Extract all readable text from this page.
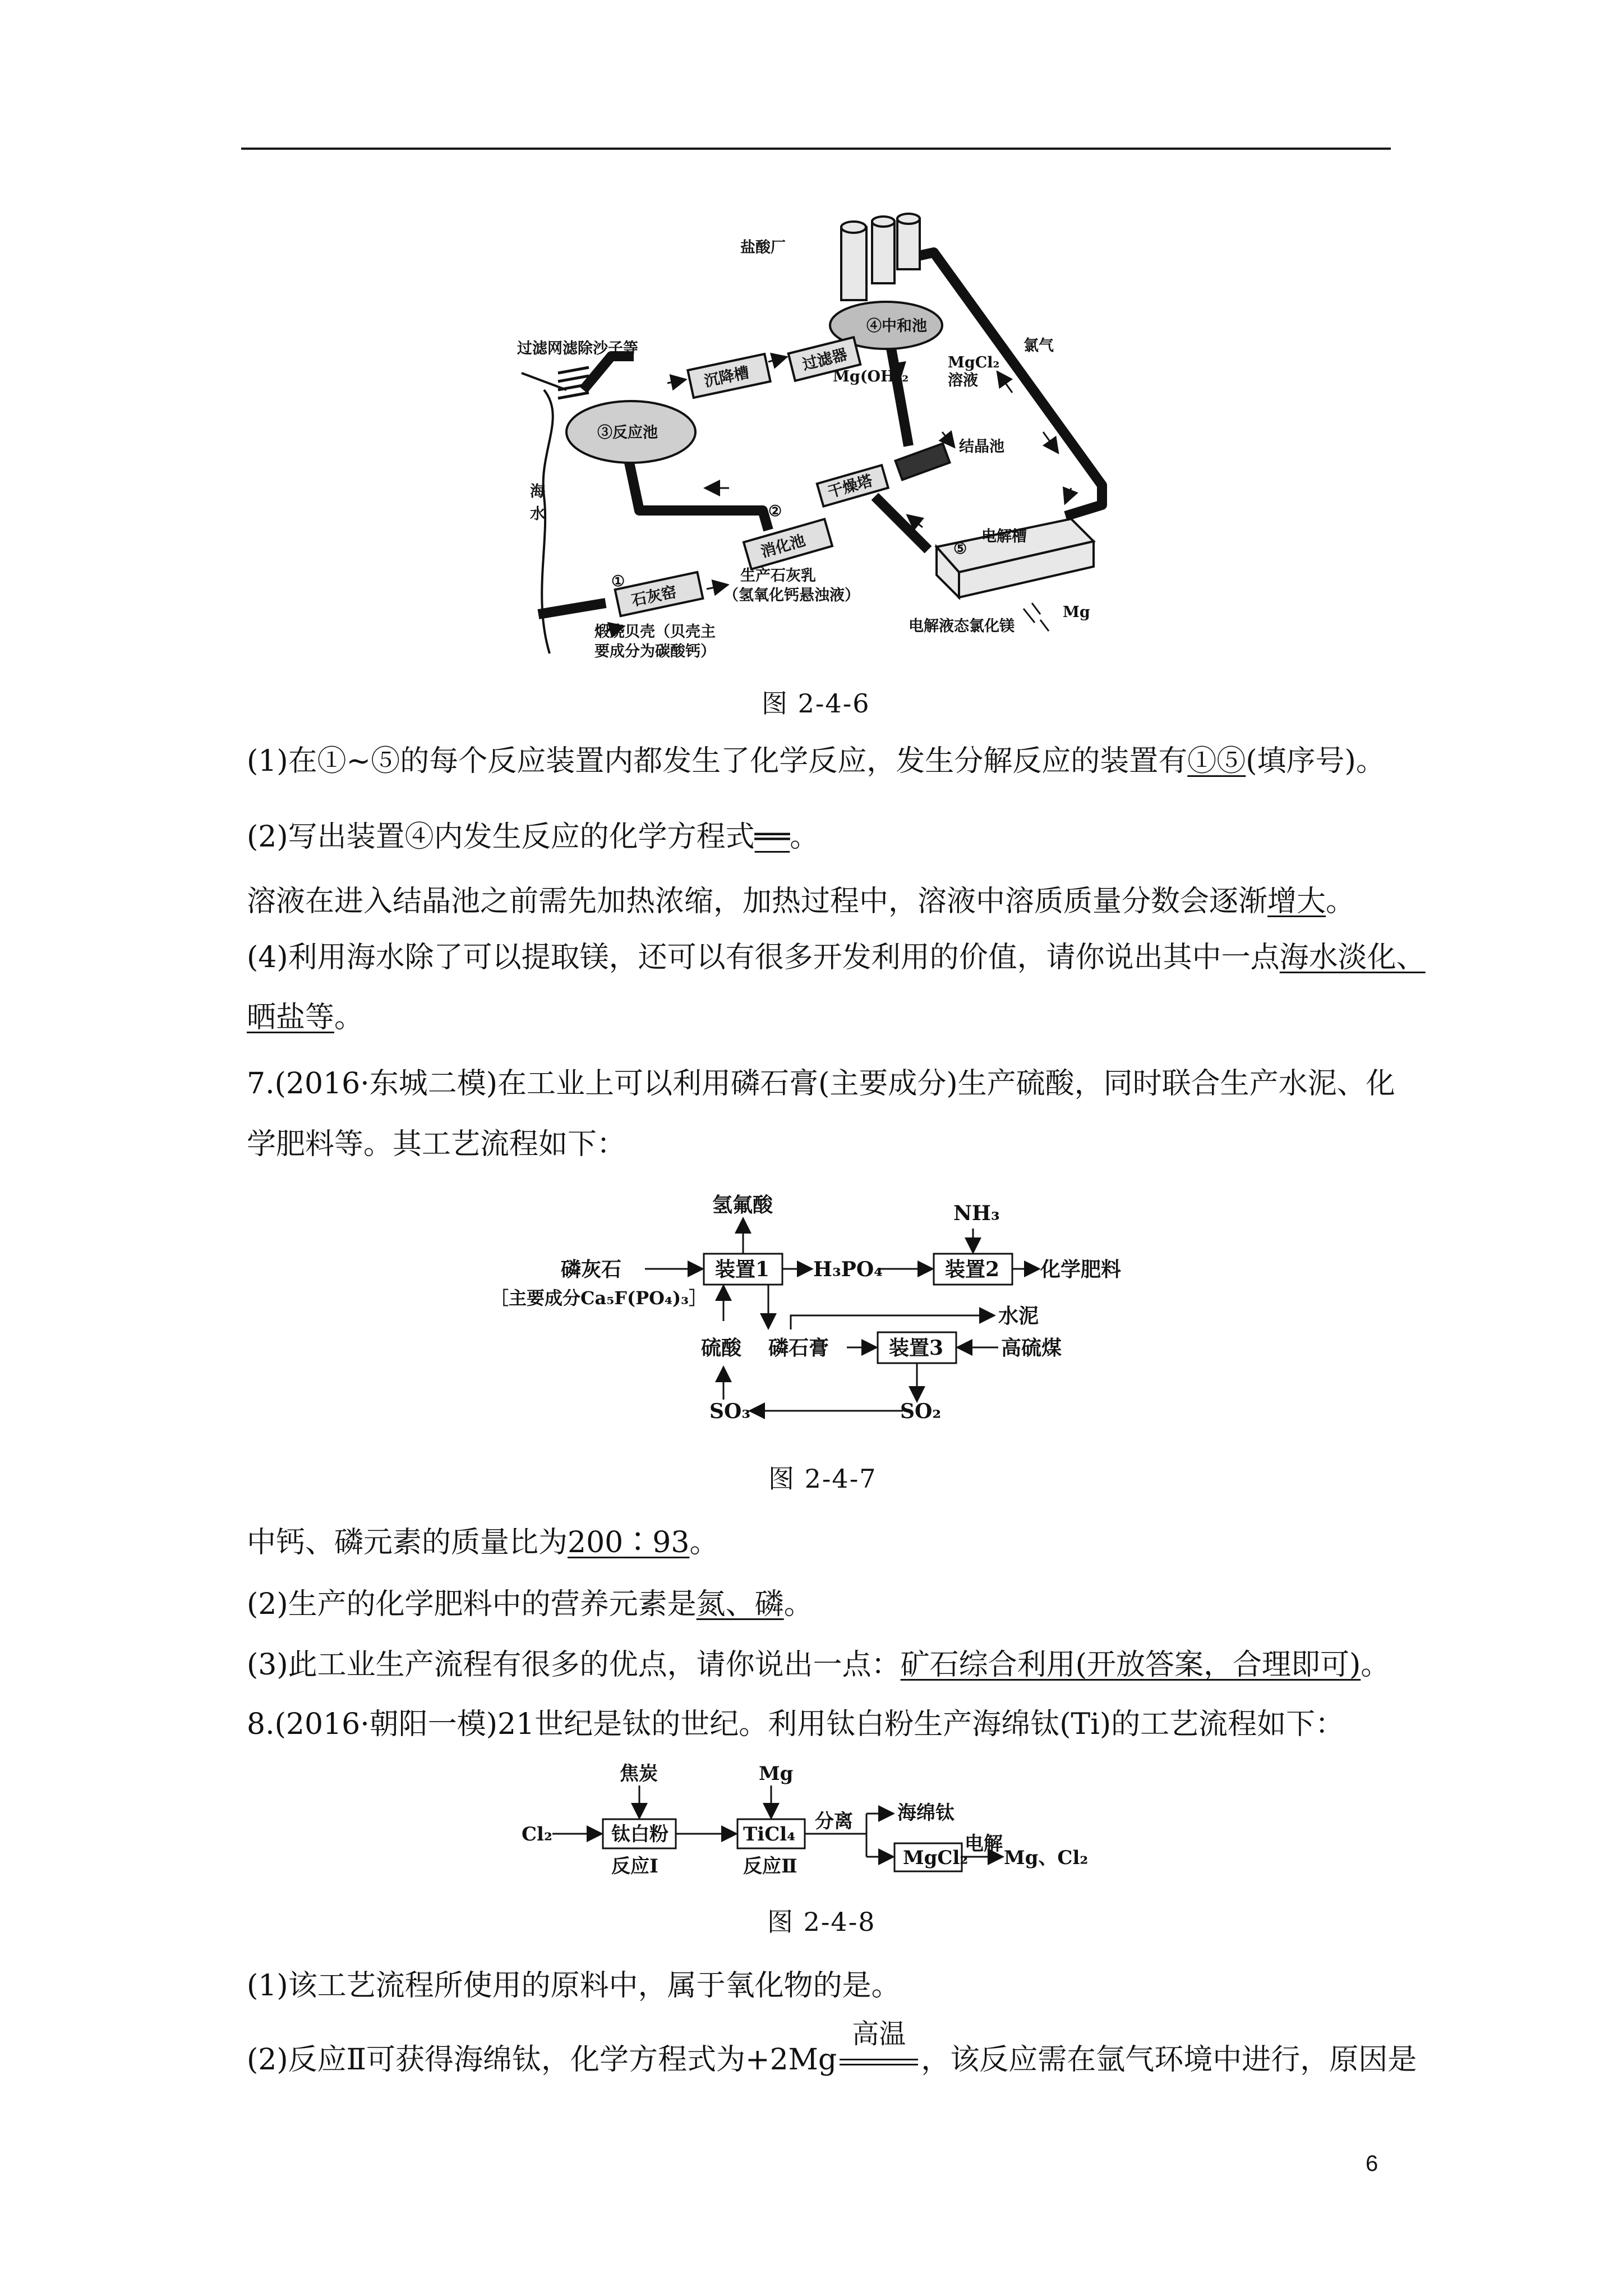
盐酸厂
过滤网滤除沙子等
④中和池
氯气
沉降槽
过滤器
Mg(OH)₂
MgCl₂
溶液
③反应池
结晶池
干燥塔
海
水	②
消化池
①
石灰窑
生产石灰乳
（氢氧化钙悬浊液）
⑤
电解槽
Mg
煅烧贝壳（贝壳主
要成分为碳酸钙）
电解液态氯化镁
图 2-4-6
(1)在①~⑤的每个反应装置内都发生了化学反应，发生分解反应的装置有①⑤(填序号)。
(2)写出装置④内发生反应的化学方程式══。
溶液在进入结晶池之前需先加热浓缩，加热过程中，溶液中溶质质量分数会逐渐增大。
(4)利用海水除了可以提取镁，还可以有很多开发利用的价值，请你说出其中一点海水淡化、
晒盐等。
7.(2016·东城二模)在工业上可以利用磷石膏(主要成分)生产硫酸，同时联合生产水泥、化
学肥料等。其工艺流程如下：
氢氟酸	NH₃
磷灰石
［主要成分Ca₅F(PO₄)₃］
装置1 H₃PO₄	装置2 化学肥料
水泥
硫酸 磷石膏	装置3	高硫煤
SO₃	SO₂
图 2-4-7
中钙、磷元素的质量比为200∶93。
(2)生产的化学肥料中的营养元素是氮、磷。
(3)此工业生产流程有很多的优点，请你说出一点：矿石综合利用(开放答案，合理即可)。
8.(2016·朝阳一模)21世纪是钛的世纪。利用钛白粉生产海绵钛(Ti)的工艺流程如下：
焦炭	Mg
Cl₂	钛白粉	TiCl₄
分离 海绵钛
MgCl₂
电解
Mg、Cl₂
反应Ⅰ	反应Ⅱ
图 2-4-8
(1)该工艺流程所使用的原料中，属于氧化物的是。
(2)反应Ⅱ可获得海绵钛，化学方程式为+2Mg
高温
，该反应需在氩气环境中进行，原因是
6
